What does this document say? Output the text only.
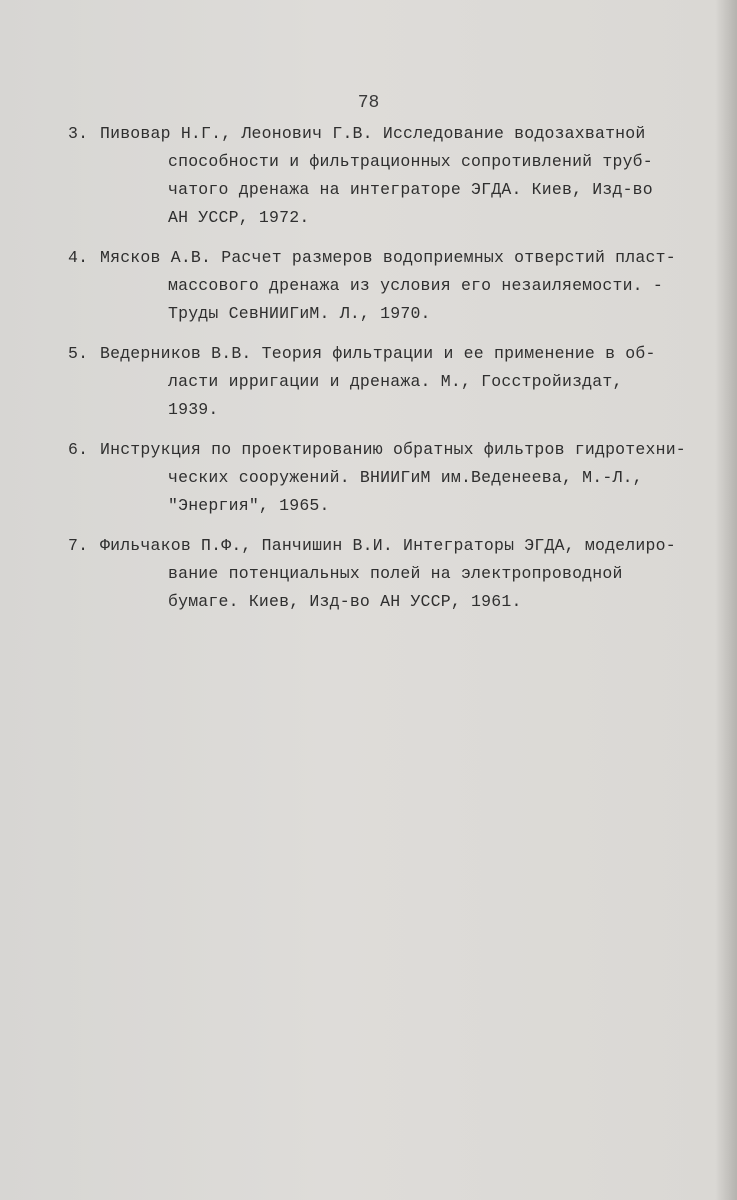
78
3. Пивовар Н.Г., Леонович Г.В. Исследование водозахватной
способности и фильтрационных сопротивлений труб-
чатого дренажа на интеграторе ЭГДА. Киев, Изд-во
АН УССР, 1972.
4. Мясков А.В. Расчет размеров водоприемных отверстий пласт-
массового дренажа из условия его незаиляемости. -
Труды СевНИИГиМ. Л., 1970.
5. Ведерников В.В. Теория фильтрации и ее применение в об-
ласти ирригации и дренажа. М., Госстройиздат,
1939.
6. Инструкция по проектированию обратных фильтров гидротехни-
ческих сооружений. ВНИИГиМ им.Веденеева, М.-Л.,
"Энергия", 1965.
7. Фильчаков П.Ф., Панчишин В.И. Интеграторы ЭГДА, моделиро-
вание потенциальных полей на электропроводной
бумаге. Киев, Изд-во АН УССР, 1961.
